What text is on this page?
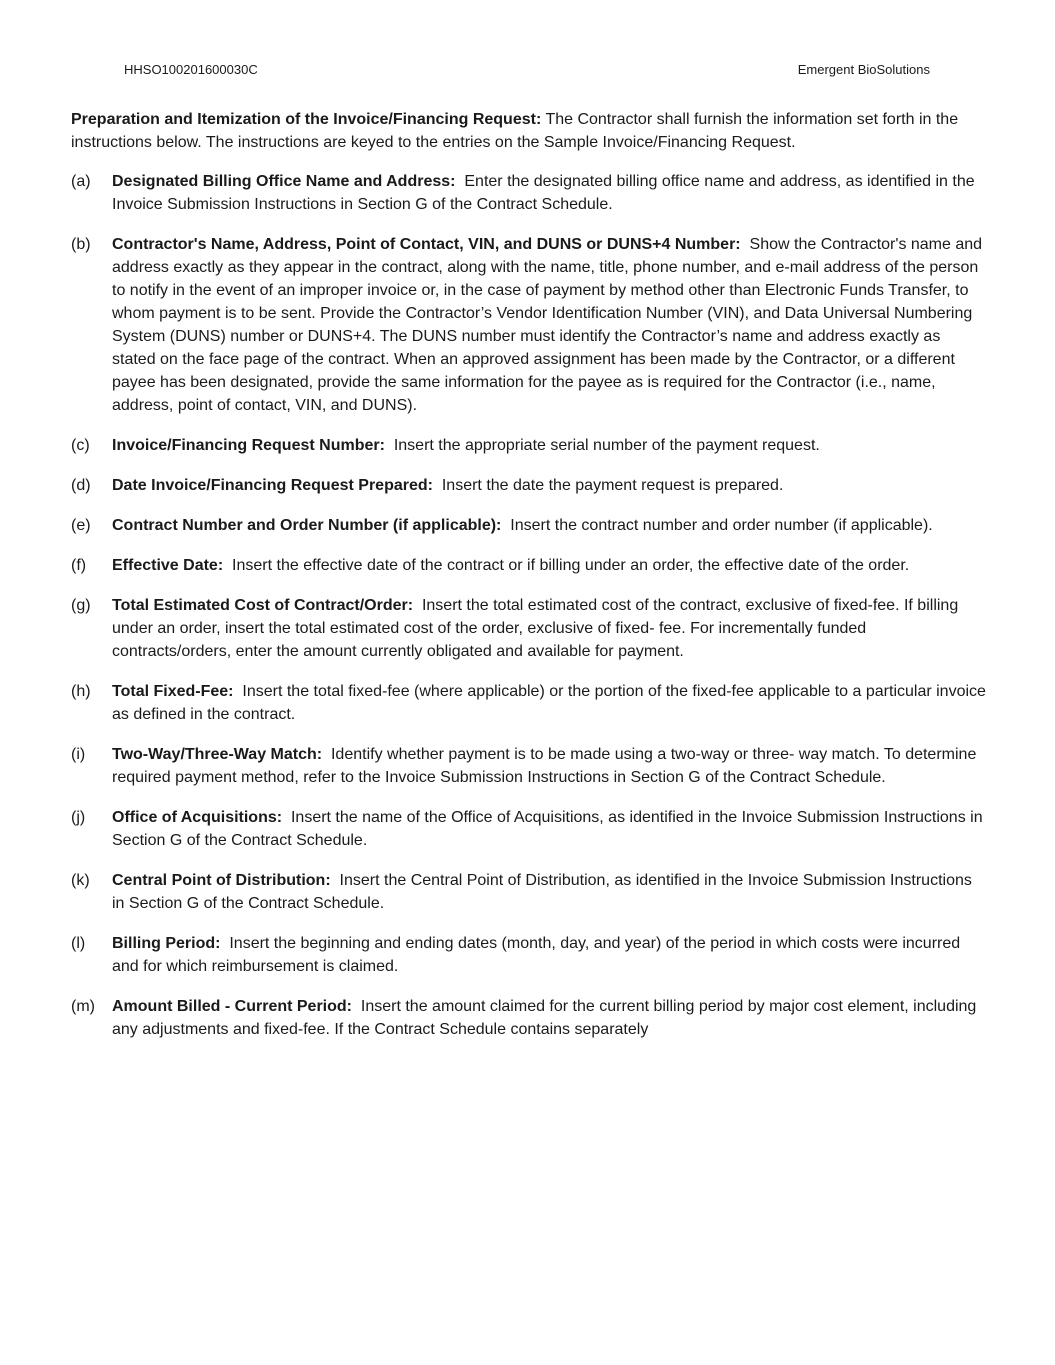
HHSO100201600030C	Emergent BioSolutions
Preparation and Itemization of the Invoice/Financing Request: The Contractor shall furnish the information set forth in the instructions below. The instructions are keyed to the entries on the Sample Invoice/Financing Request.
(a)	Designated Billing Office Name and Address: Enter the designated billing office name and address, as identified in the Invoice Submission Instructions in Section G of the Contract Schedule.
(b)	Contractor's Name, Address, Point of Contact, VIN, and DUNS or DUNS+4 Number: Show the Contractor's name and address exactly as they appear in the contract, along with the name, title, phone number, and e-mail address of the person to notify in the event of an improper invoice or, in the case of payment by method other than Electronic Funds Transfer, to whom payment is to be sent. Provide the Contractor’s Vendor Identification Number (VIN), and Data Universal Numbering System (DUNS) number or DUNS+4. The DUNS number must identify the Contractor’s name and address exactly as stated on the face page of the contract. When an approved assignment has been made by the Contractor, or a different payee has been designated, provide the same information for the payee as is required for the Contractor (i.e., name, address, point of contact, VIN, and DUNS).
(c)	Invoice/Financing Request Number: Insert the appropriate serial number of the payment request.
(d)	Date Invoice/Financing Request Prepared: Insert the date the payment request is prepared.
(e)	Contract Number and Order Number (if applicable): Insert the contract number and order number (if applicable).
(f)	Effective Date: Insert the effective date of the contract or if billing under an order, the effective date of the order.
(g)	Total Estimated Cost of Contract/Order: Insert the total estimated cost of the contract, exclusive of fixed-fee. If billing under an order, insert the total estimated cost of the order, exclusive of fixed- fee. For incrementally funded contracts/orders, enter the amount currently obligated and available for payment.
(h)	Total Fixed-Fee: Insert the total fixed-fee (where applicable) or the portion of the fixed-fee applicable to a particular invoice as defined in the contract.
(i)	Two-Way/Three-Way Match: Identify whether payment is to be made using a two-way or three- way match. To determine required payment method, refer to the Invoice Submission Instructions in Section G of the Contract Schedule.
(j)	Office of Acquisitions: Insert the name of the Office of Acquisitions, as identified in the Invoice Submission Instructions in Section G of the Contract Schedule.
(k)	Central Point of Distribution: Insert the Central Point of Distribution, as identified in the Invoice Submission Instructions in Section G of the Contract Schedule.
(l)	Billing Period: Insert the beginning and ending dates (month, day, and year) of the period in which costs were incurred and for which reimbursement is claimed.
(m)	Amount Billed - Current Period: Insert the amount claimed for the current billing period by major cost element, including any adjustments and fixed-fee. If the Contract Schedule contains separately
